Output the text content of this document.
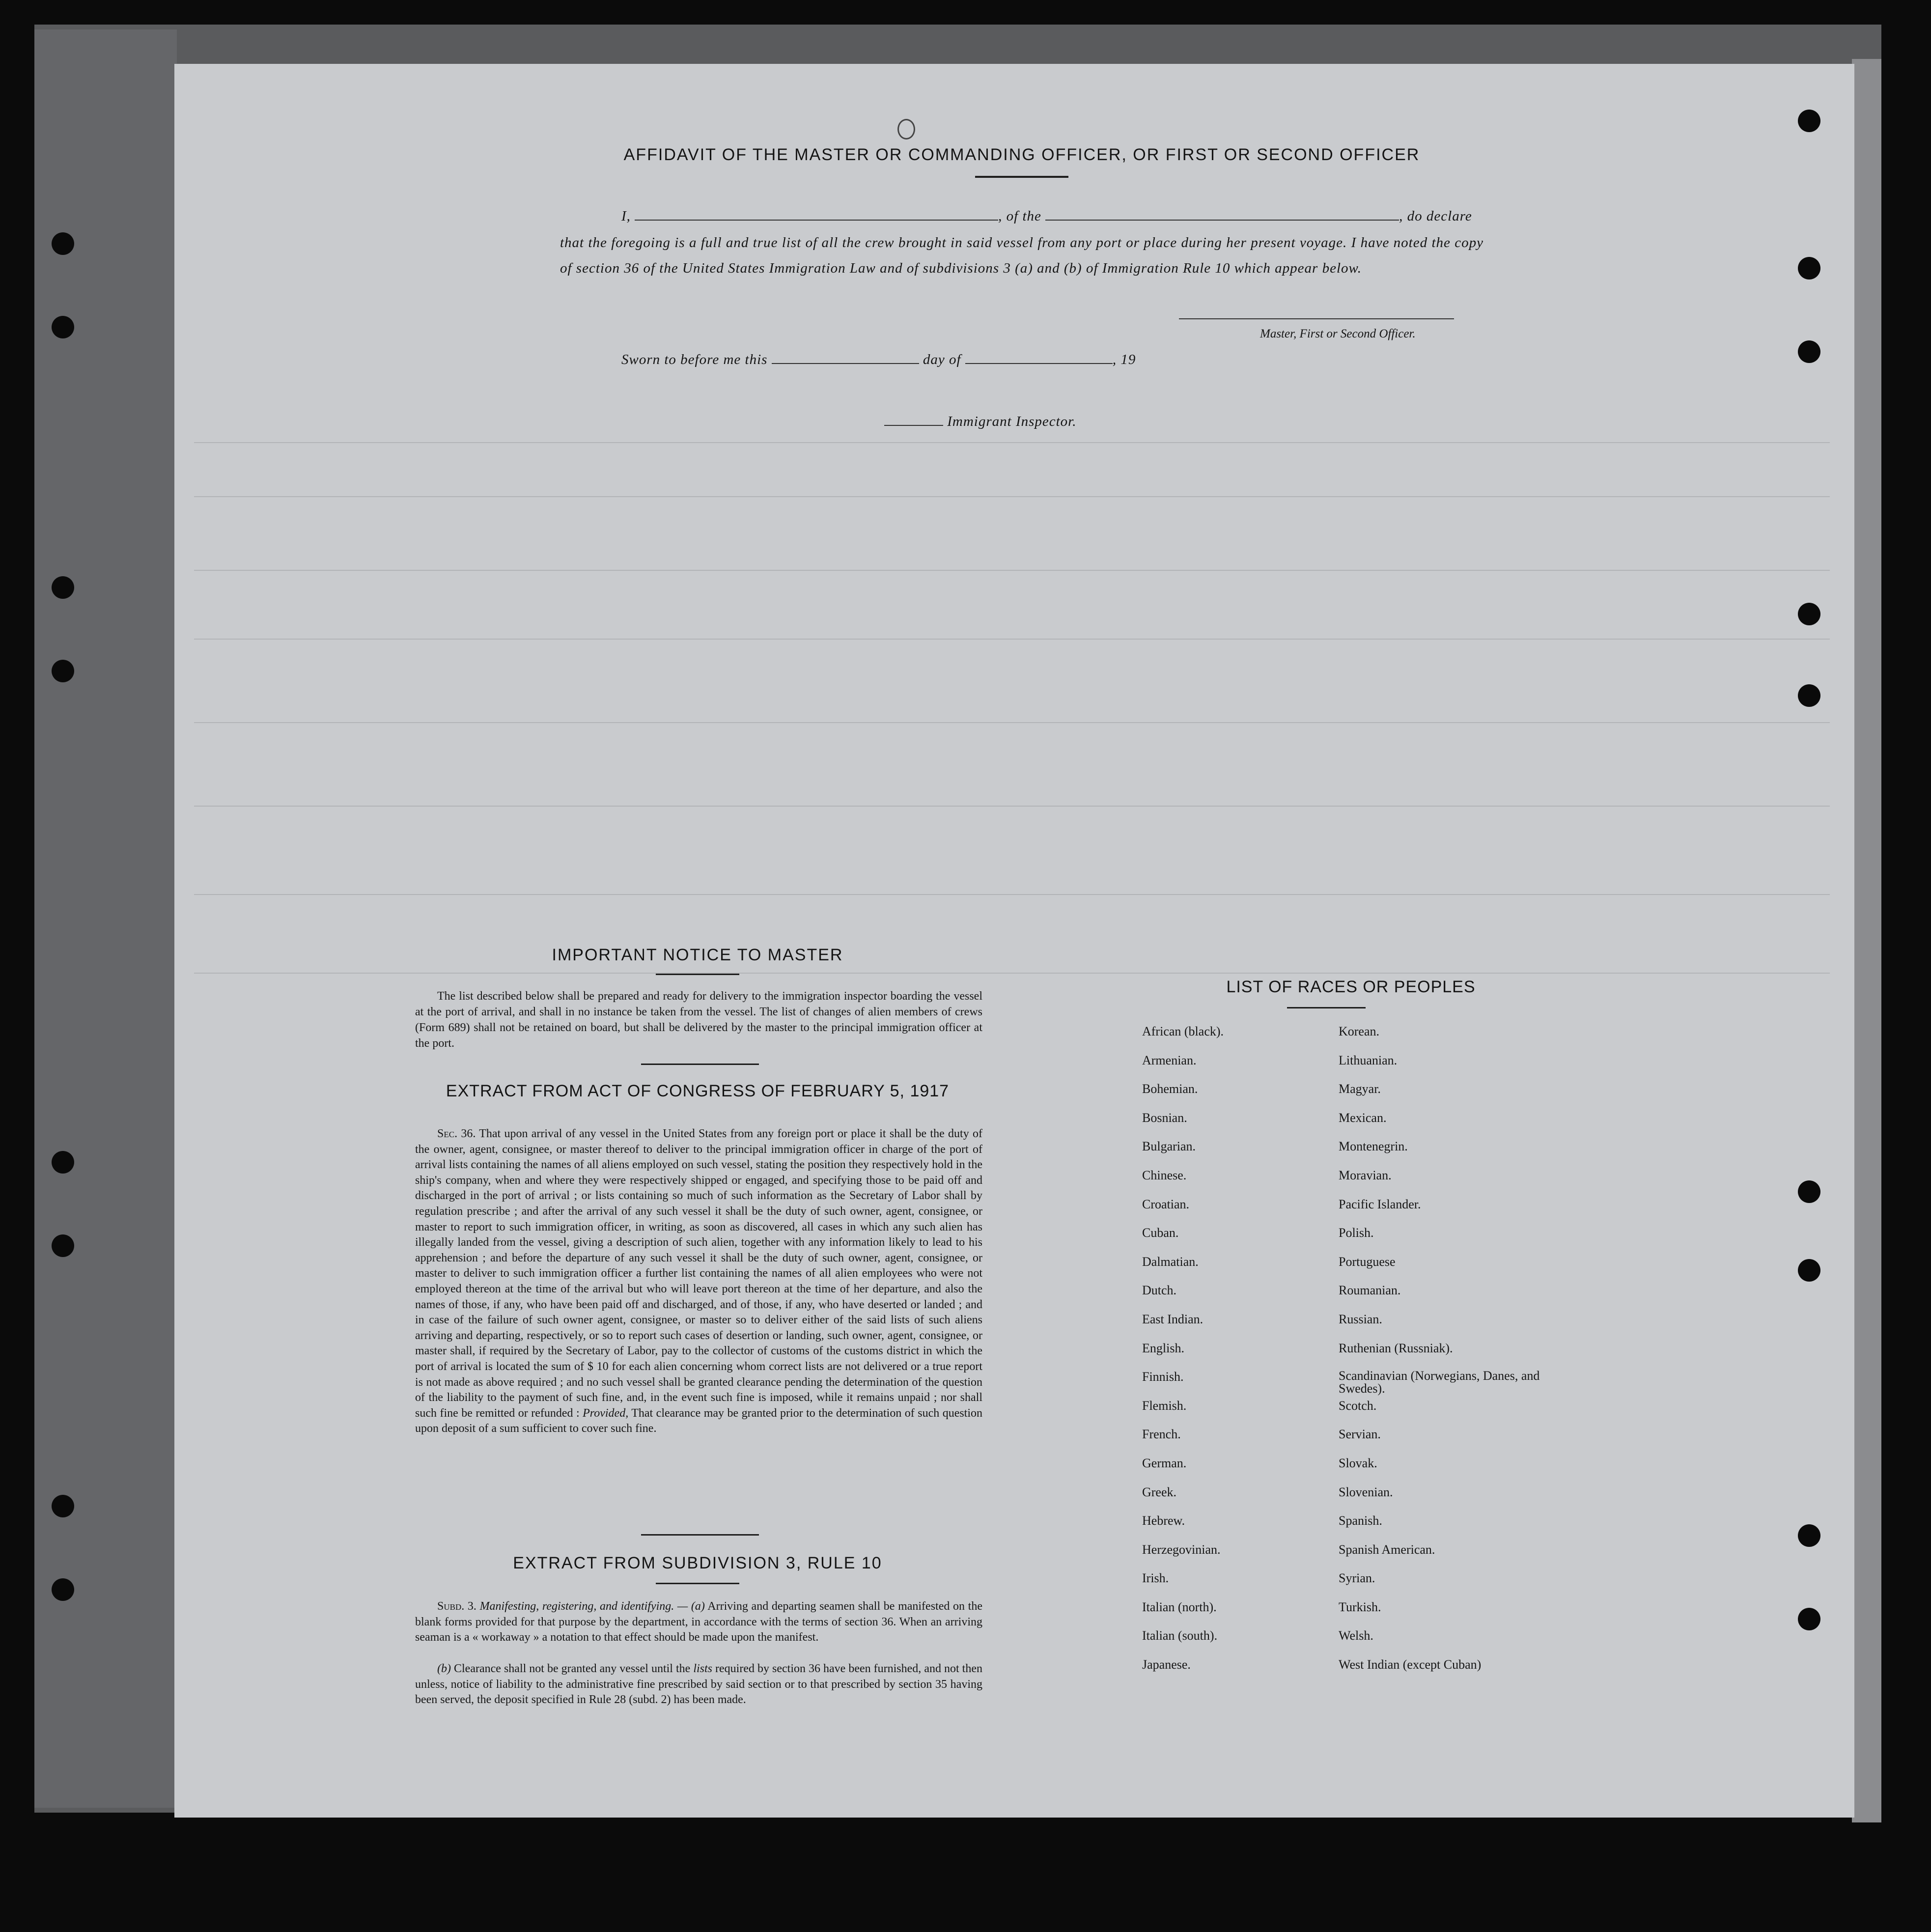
AFFIDAVIT OF THE MASTER OR COMMANDING OFFICER, OR FIRST OR SECOND OFFICER
I,	, of the	, do declare
that the foregoing is a full and true list of all the crew brought in said vessel from any port or place during her present voyage. I have noted the copy of section 36 of the United States Immigration Law and of subdivisions 3 (a) and (b) of Immigration Rule 10 which appear below.
Master, First or Second Officer.
Sworn to before me this	day of	, 19
Immigrant Inspector.
IMPORTANT NOTICE TO MASTER
The list described below shall be prepared and ready for delivery to the immigration inspector boarding the vessel at the port of arrival, and shall in no instance be taken from the vessel. The list of changes of alien members of crews (Form 689) shall not be retained on board, but shall be delivered by the master to the principal immigration officer at the port.
EXTRACT FROM ACT OF CONGRESS OF FEBRUARY 5, 1917
Sec. 36. That upon arrival of any vessel in the United States from any foreign port or place it shall be the duty of the owner, agent, consignee, or master thereof to deliver to the principal immigration officer in charge of the port of arrival lists containing the names of all aliens employed on such vessel, stating the position they respectively hold in the ship's company, when and where they were respectively shipped or engaged, and specifying those to be paid off and discharged in the port of arrival ; or lists containing so much of such information as the Secretary of Labor shall by regulation prescribe ; and after the arrival of any such vessel it shall be the duty of such owner, agent, consignee, or master to report to such immigration officer, in writing, as soon as discovered, all cases in which any such alien has illegally landed from the vessel, giving a description of such alien, together with any information likely to lead to his apprehension ; and before the departure of any such vessel it shall be the duty of such owner, agent, consignee, or master to deliver to such immigration officer a further list containing the names of all alien employees who were not employed thereon at the time of the arrival but who will leave port thereon at the time of her departure, and also the names of those, if any, who have been paid off and discharged, and of those, if any, who have deserted or landed ; and in case of the failure of such owner agent, consignee, or master so to deliver either of the said lists of such aliens arriving and departing, respectively, or so to report such cases of desertion or landing, such owner, agent, consignee, or master shall, if required by the Secretary of Labor, pay to the collector of customs of the customs district in which the port of arrival is located the sum of $ 10 for each alien concerning whom correct lists are not delivered or a true report is not made as above required ; and no such vessel shall be granted clearance pending the determination of the question of the liability to the payment of such fine, and, in the event such fine is imposed, while it remains unpaid ; nor shall such fine be remitted or refunded : Provided, That clearance may be granted prior to the determination of such question upon deposit of a sum sufficient to cover such fine.
EXTRACT FROM SUBDIVISION 3, RULE 10
Subd. 3. Manifesting, registering, and identifying. — (a) Arriving and departing seamen shall be manifested on the blank forms provided for that purpose by the department, in accordance with the terms of section 36. When an arriving seaman is a « workaway » a notation to that effect should be made upon the manifest.
(b) Clearance shall not be granted any vessel until the lists required by section 36 have been furnished, and not then unless, notice of liability to the administrative fine prescribed by said section or to that prescribed by section 35 having been served, the deposit specified in Rule 28 (subd. 2) has been made.
LIST OF RACES OR PEOPLES
African (black).	Korean.
Armenian.	Lithuanian.
Bohemian.	Magyar.
Bosnian.	Mexican.
Bulgarian.	Montenegrin.
Chinese.	Moravian.
Croatian.	Pacific Islander.
Cuban.	Polish.
Dalmatian.	Portuguese
Dutch.	Roumanian.
East Indian.	Russian.
English.	Ruthenian (Russniak).
Finnish.	Scandinavian (Norwegians, Danes, and Swedes).
Flemish.	Scotch.
French.	Servian.
German.	Slovak.
Greek.	Slovenian.
Hebrew.	Spanish.
Herzegovinian.	Spanish American.
Irish.	Syrian.
Italian (north).	Turkish.
Italian (south).	Welsh.
Japanese.	West Indian (except Cuban)
